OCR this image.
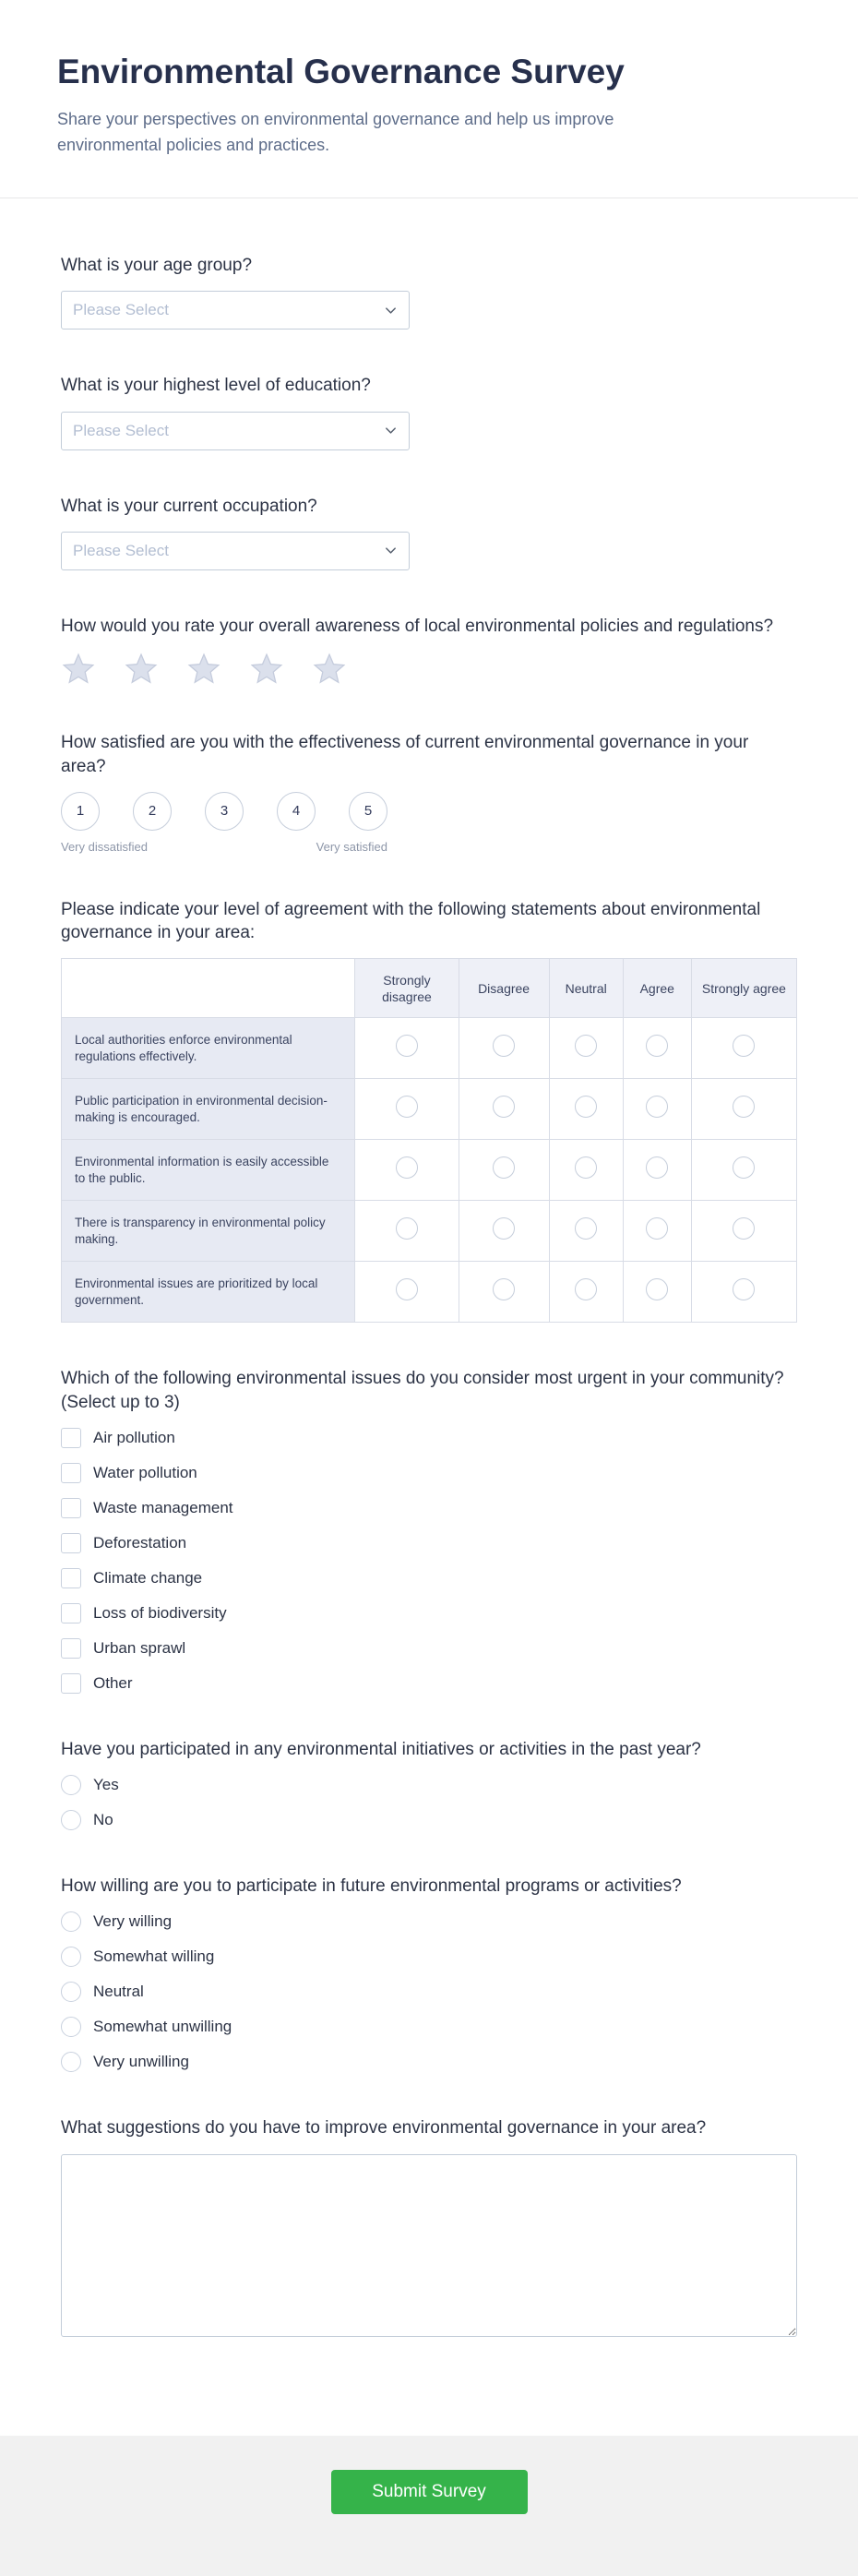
Environmental Governance Survey
Share your perspectives on environmental governance and help us improve environmental policies and practices.
What is your age group?
Please Select
What is your highest level of education?
Please Select
What is your current occupation?
Please Select
How would you rate your overall awareness of local environmental policies and regulations?
How satisfied are you with the effectiveness of current environmental governance in your area?
1	2	3	4	5
Very dissatisfied	Very satisfied
Please indicate your level of agreement with the following statements about environmental governance in your area:
	Strongly disagree	Disagree	Neutral	Agree	Strongly agree
Local authorities enforce environmental regulations effectively.					
Public participation in environmental decision-making is encouraged.					
Environmental information is easily accessible to the public.					
There is transparency in environmental policy making.					
Environmental issues are prioritized by local government.					
Which of the following environmental issues do you consider most urgent in your community? (Select up to 3)
Air pollution
Water pollution
Waste management
Deforestation
Climate change
Loss of biodiversity
Urban sprawl
Other
Have you participated in any environmental initiatives or activities in the past year?
Yes
No
How willing are you to participate in future environmental programs or activities?
Very willing
Somewhat willing
Neutral
Somewhat unwilling
Very unwilling
What suggestions do you have to improve environmental governance in your area?
Submit Survey
